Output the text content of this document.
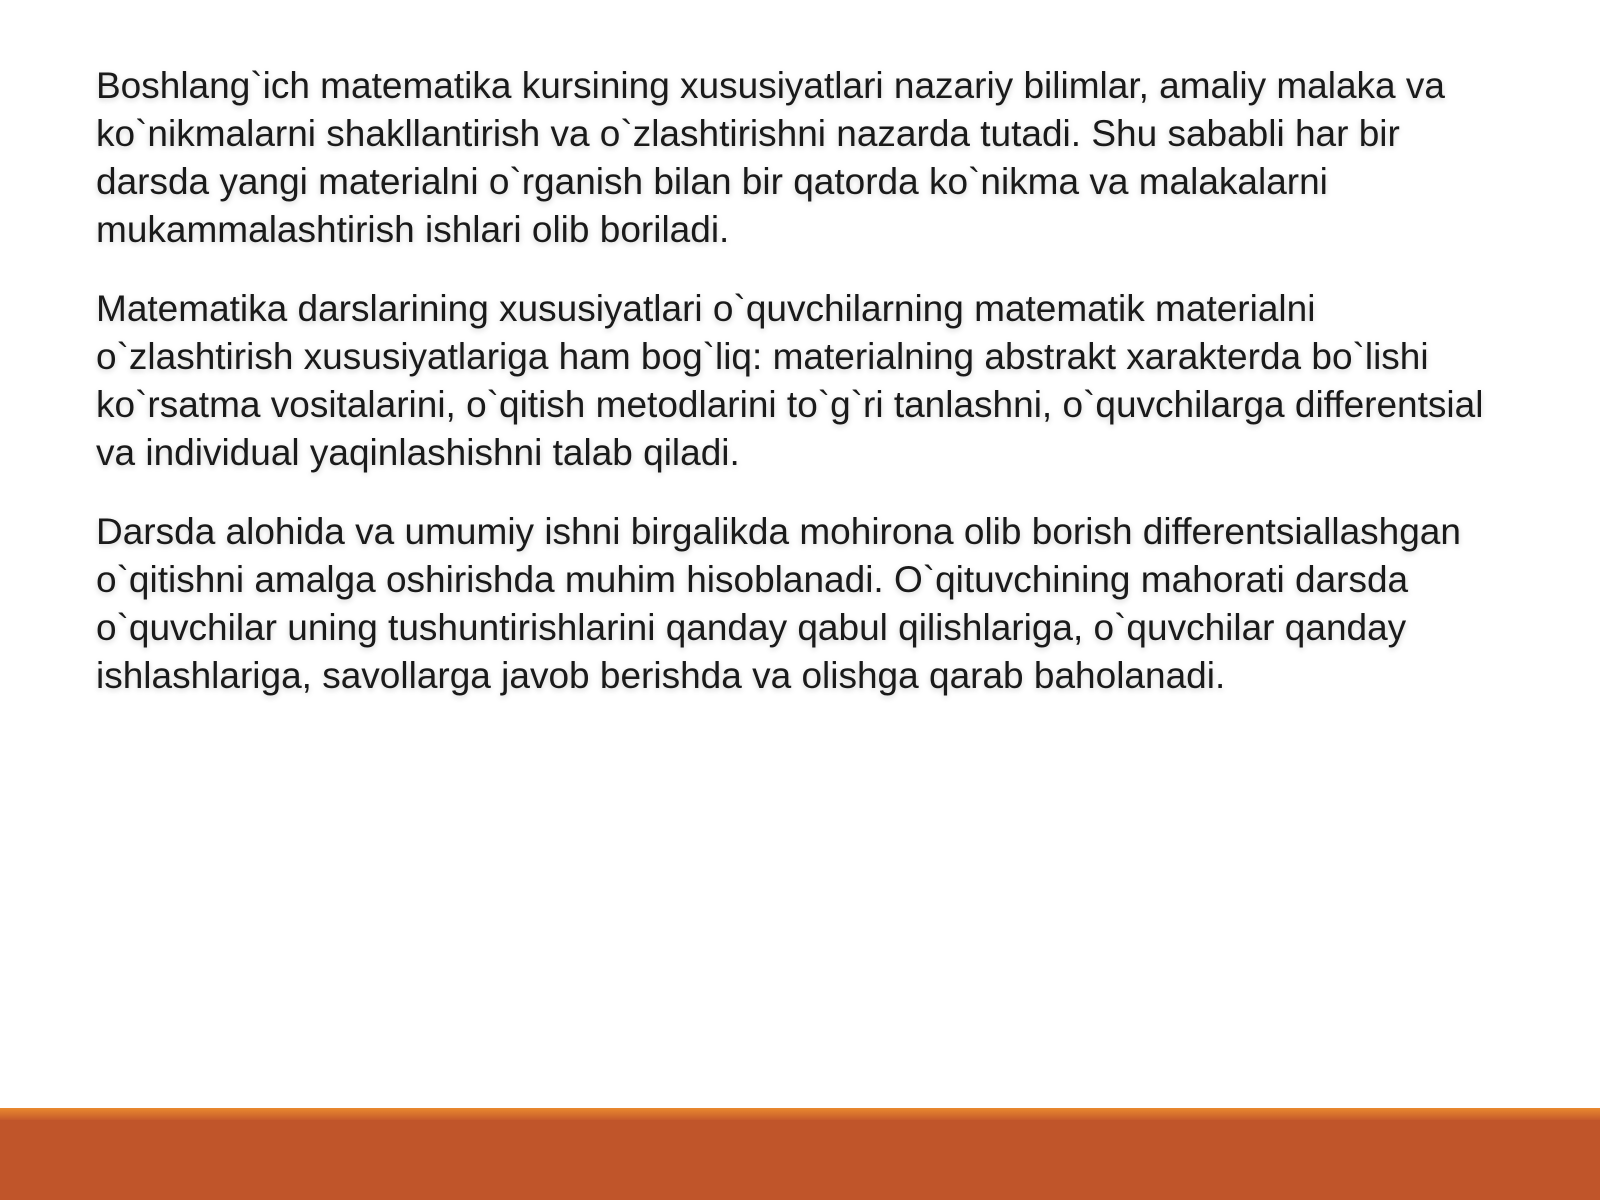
Boshlang`ich matematika kursining xususiyatlari nazariy bilimlar, amaliy malaka va ko`nikmalarni shakllantirish va o`zlashtirishni nazarda tutadi. Shu sababli har bir darsda yangi materialni o`rganish bilan bir qatorda ko`nikma va malakalarni mukammalashtirish ishlari olib boriladi.

Matematika darslarining xususiyatlari o`quvchilarning matematik materialni o`zlashtirish xususiyatlariga ham bog`liq: materialning abstrakt xarakterda bo`lishi ko`rsatma vositalarini, o`qitish metodlarini to`g`ri tanlashni, o`quvchilarga differentsial va individual yaqinlashishni talab qiladi.

Darsda alohida va umumiy ishni birgalikda mohirona olib borish differentsiallashgan o`qitishni amalga oshirishda muhim hisoblanadi. O`qituvchining mahorati darsda o`quvchilar uning tushuntirishlarini qanday qabul qilishlariga, o`quvchilar qanday ishlashlariga, savollarga javob berishda va olishga qarab baholanadi.
